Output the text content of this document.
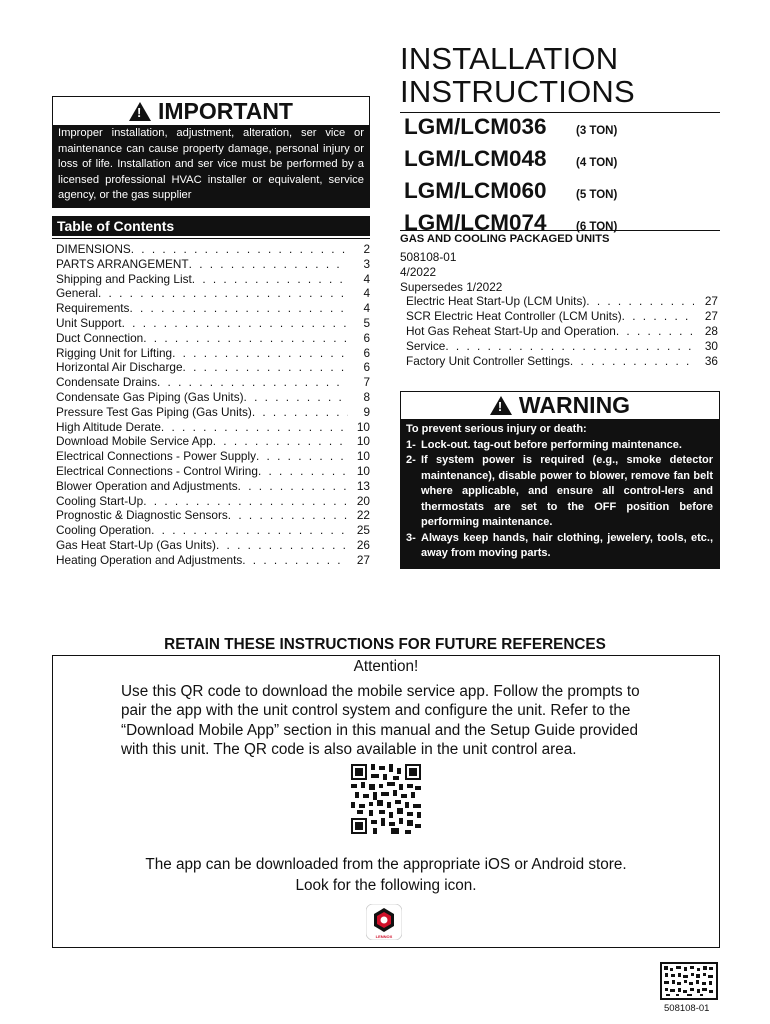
!
IMPORTANT
Improper installation, adjustment, alteration, ser vice or maintenance can cause property damage, personal injury or loss of life. Installation and ser vice must be performed by a licensed professional HVAC installer or equivalent, service agency, or the gas supplier
Table of Contents
DIMENSIONS . . .	2
PARTS ARRANGEMENT . . .	3
Shipping and Packing List . . .	4
General . . .	4
Requirements . . .	4
Unit Support . . .	5
Duct Connection . . .	6
Rigging Unit for Lifting . . .	6
Horizontal Air Discharge . . .	6
Condensate Drains . . .	7
Condensate Gas Piping (Gas Units) . . .	8
Pressure Test Gas Piping (Gas Units) . . .	9
High Altitude Derate . . .	10
Download Mobile Service App . . .	10
Electrical Connections - Power Supply . . .	10
Electrical Connections - Control Wiring . . .	10
Blower Operation and Adjustments . . .	13
Cooling Start-Up . . .	20
Prognostic & Diagnostic Sensors . . .	22
Cooling Operation . . .	25
Gas Heat Start-Up (Gas Units) . . .	26
Heating Operation and Adjustments . . .	27
INSTALLATION
INSTRUCTIONS
LGM/LCM036	(3 TON)
LGM/LCM048	(4 TON)
LGM/LCM060	(5 TON)
LGM/LCM074	(6 TON)
GAS AND COOLING PACKAGED UNITS
508108-01
4/2022
Supersedes 1/2022
Electric Heat Start-Up (LCM Units) . . .	27
SCR Electric Heat Controller (LCM Units) . . .	27
Hot Gas Reheat Start-Up and Operation . . .	28
Service . . .	30
Factory Unit Controller Settings . . .	36
!
WARNING
To prevent serious injury or death:
1- Lock-out. tag-out before performing maintenance.
2- If system power is required (e.g., smoke detector maintenance), disable power to blower, remove fan belt where applicable, and ensure all control-lers and thermostats are set to the OFF position before performing maintenance.
3- Always keep hands, hair clothing, jewelery, tools, etc., away from moving parts.
RETAIN THESE INSTRUCTIONS FOR FUTURE REFERENCES
Attention!
Use this QR code to download the mobile service app. Follow the prompts to pair the app with the unit control system and configure the unit. Refer to the “Download Mobile App” section in this manual and the Setup Guide provided with this unit. The QR code is also available in the unit control area.
The app can be downloaded from the appropriate iOS or Android store.
Look for the following icon.
LENNOX
508108-01
